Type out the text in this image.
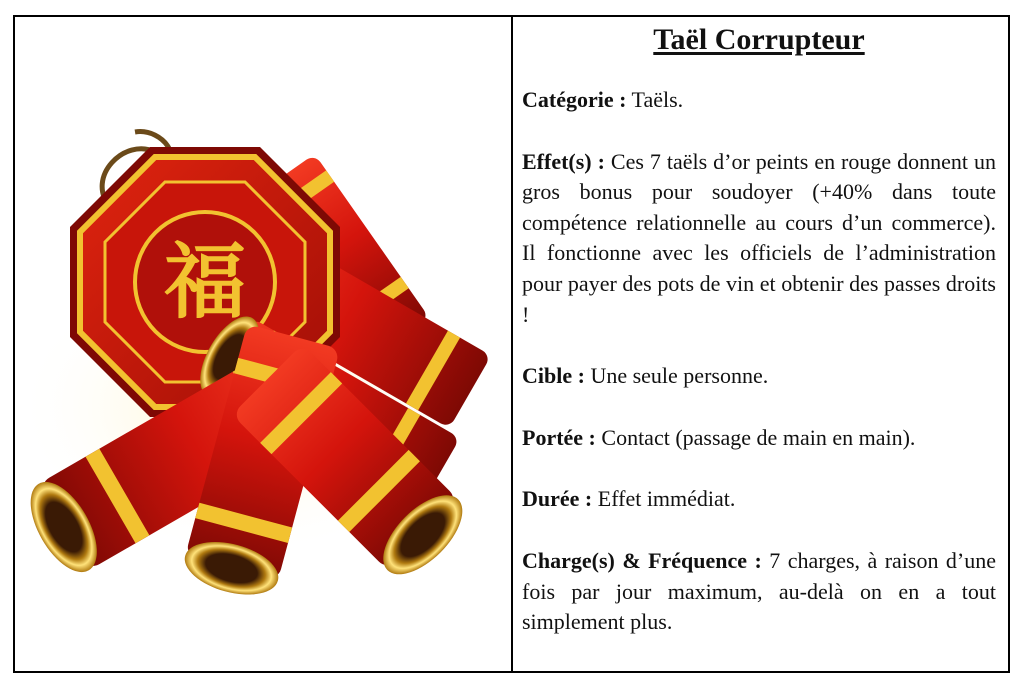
福
Taël Corrupteur

Catégorie : Taëls.

Effet(s) : Ces 7 taëls d’or peints en rouge donnent un gros bonus pour soudoyer (+40% dans toute compétence relationnelle au cours d’un commerce). Il fonctionne avec les officiels de l’administration pour payer des pots de vin et obtenir des passes droits !

Cible : Une seule personne.

Portée : Contact (passage de main en main).

Durée : Effet immédiat.

Charge(s) & Fréquence : 7 charges, à raison d’une fois par jour maximum, au-delà on en a tout simplement plus.
